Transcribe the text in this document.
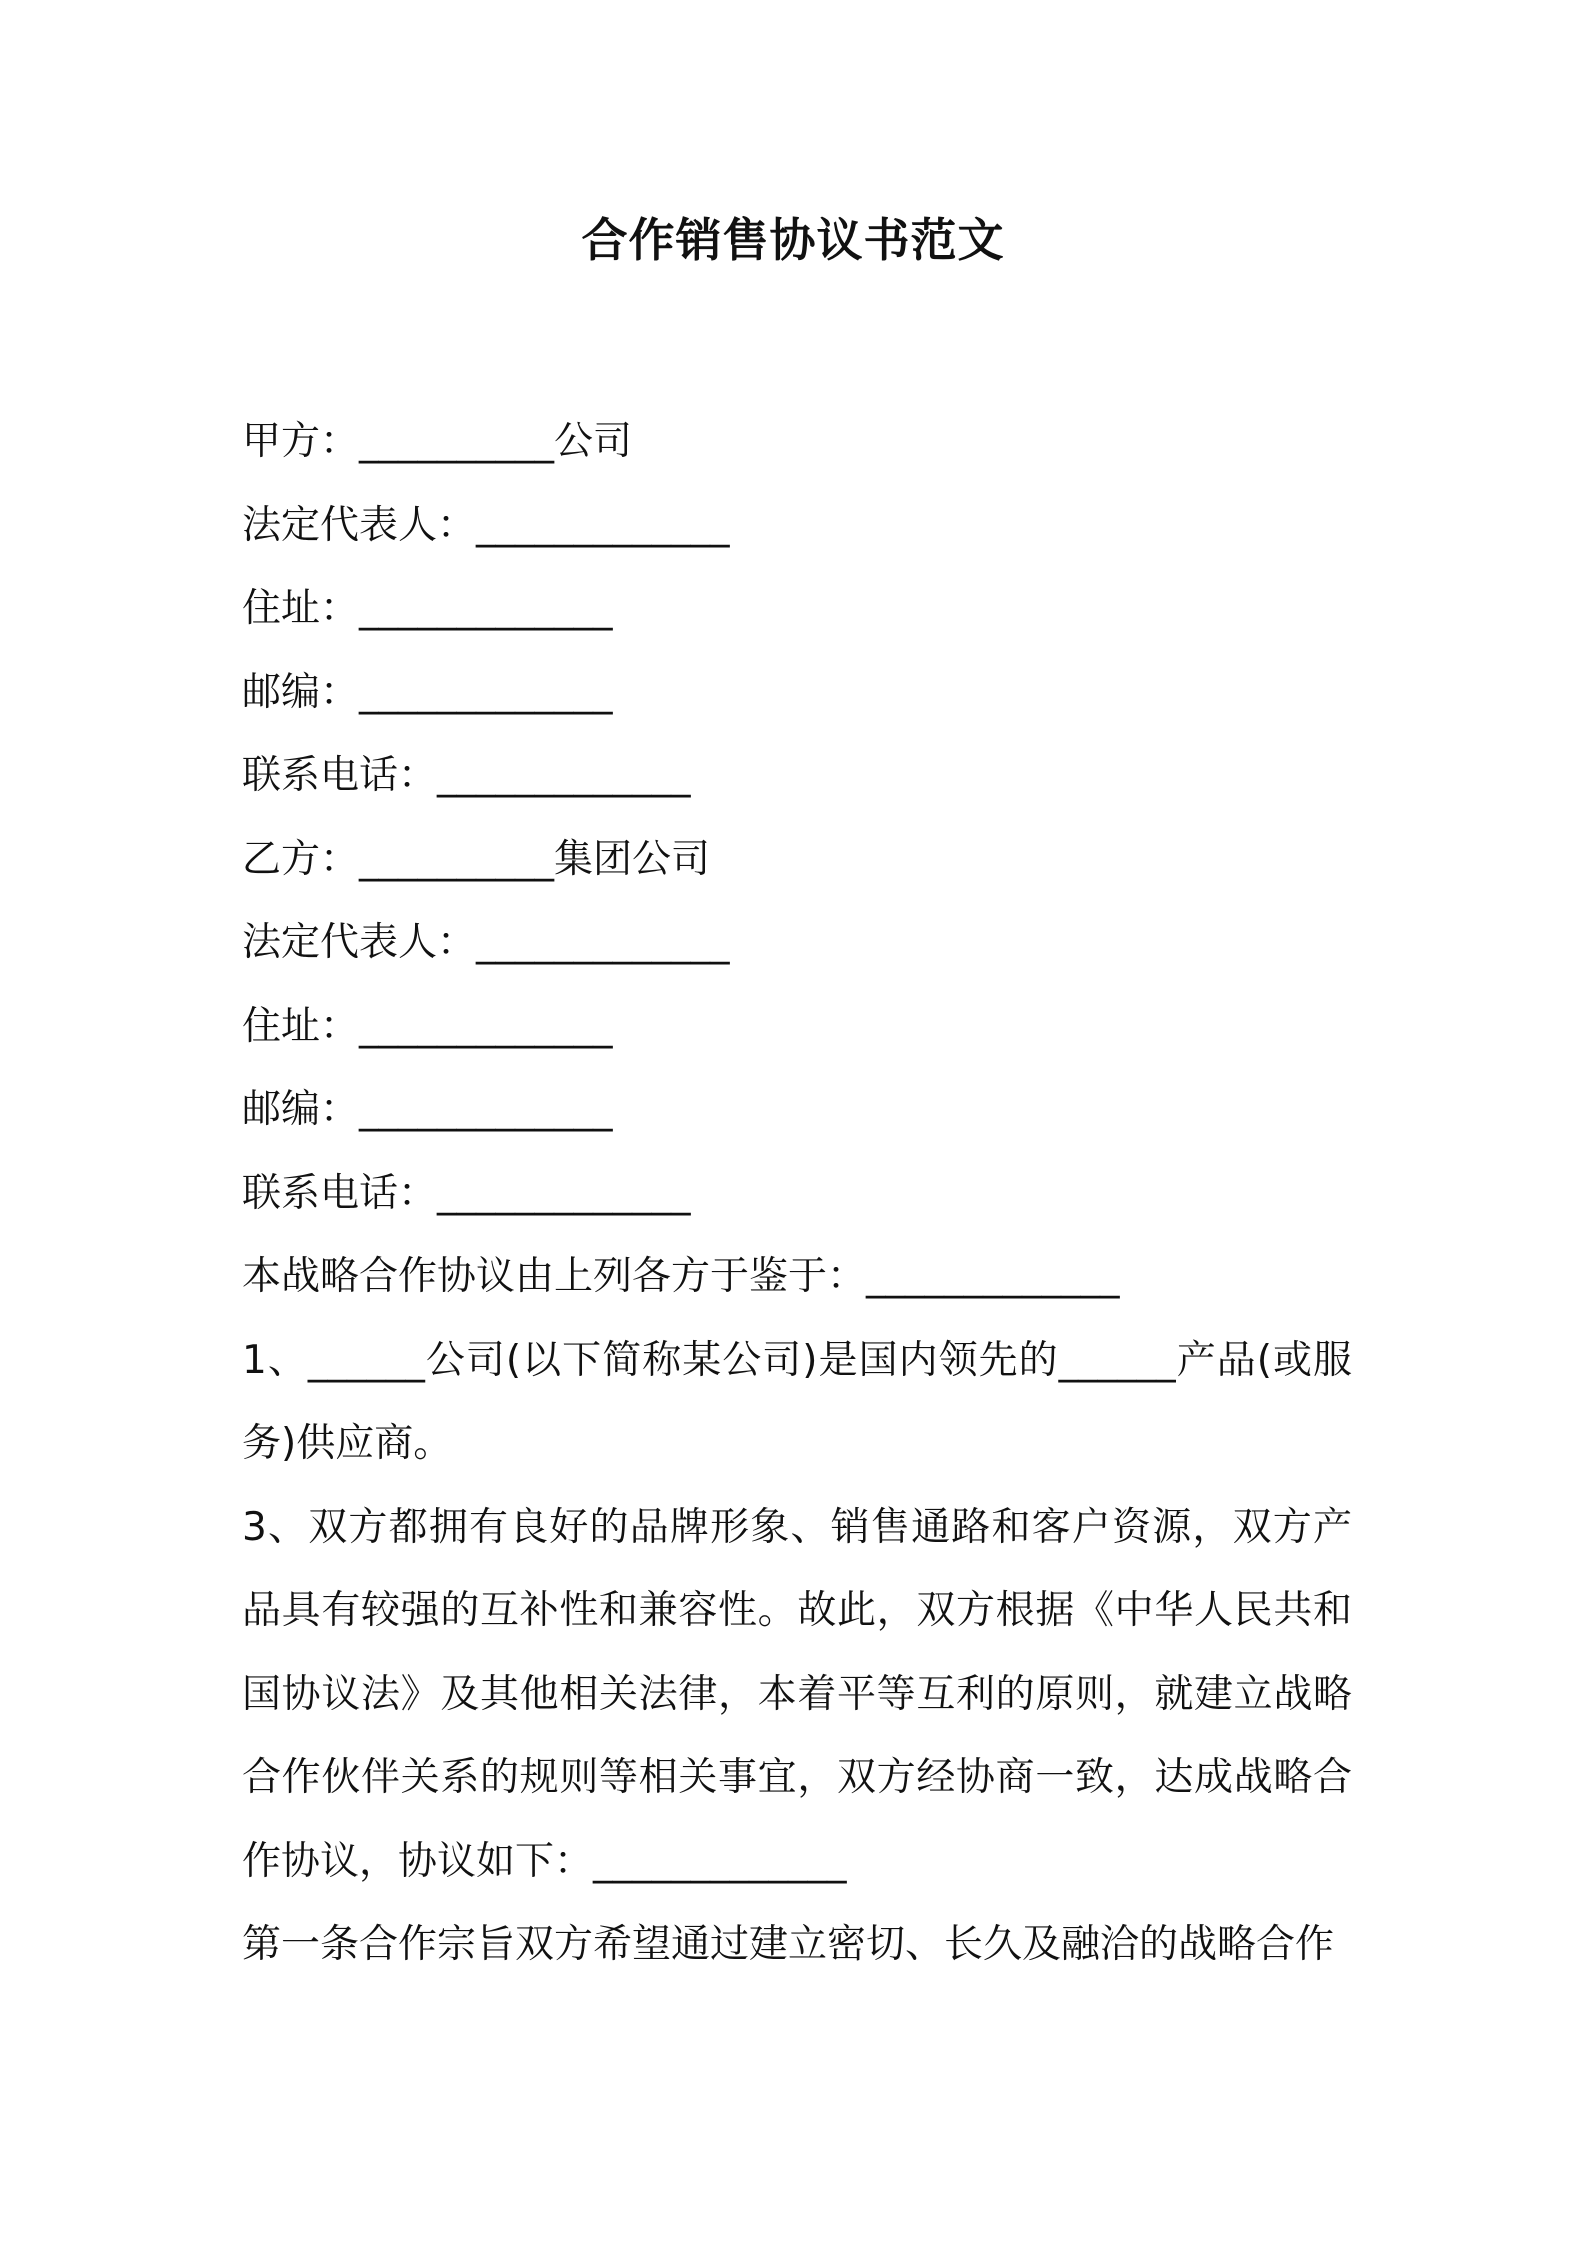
合作销售协议书范文
甲方：__________公司
法定代表人：_____________
住址：_____________
邮编：_____________
联系电话：_____________
乙方：__________集团公司
法定代表人：_____________
住址：_____________
邮编：_____________
联系电话：_____________
本战略合作协议由上列各方于鉴于：_____________
1、______公司(以下简称某公司)是国内领先的______产品(或服务)供应商。
3、双方都拥有良好的品牌形象、销售通路和客户资源，双方产品具有较强的互补性和兼容性。故此，双方根据《中华人民共和国协议法》及其他相关法律，本着平等互利的原则，就建立战略合作伙伴关系的规则等相关事宜，双方经协商一致，达成战略合作协议，协议如下：_____________
第一条合作宗旨双方希望通过建立密切、长久及融洽的战略合作
